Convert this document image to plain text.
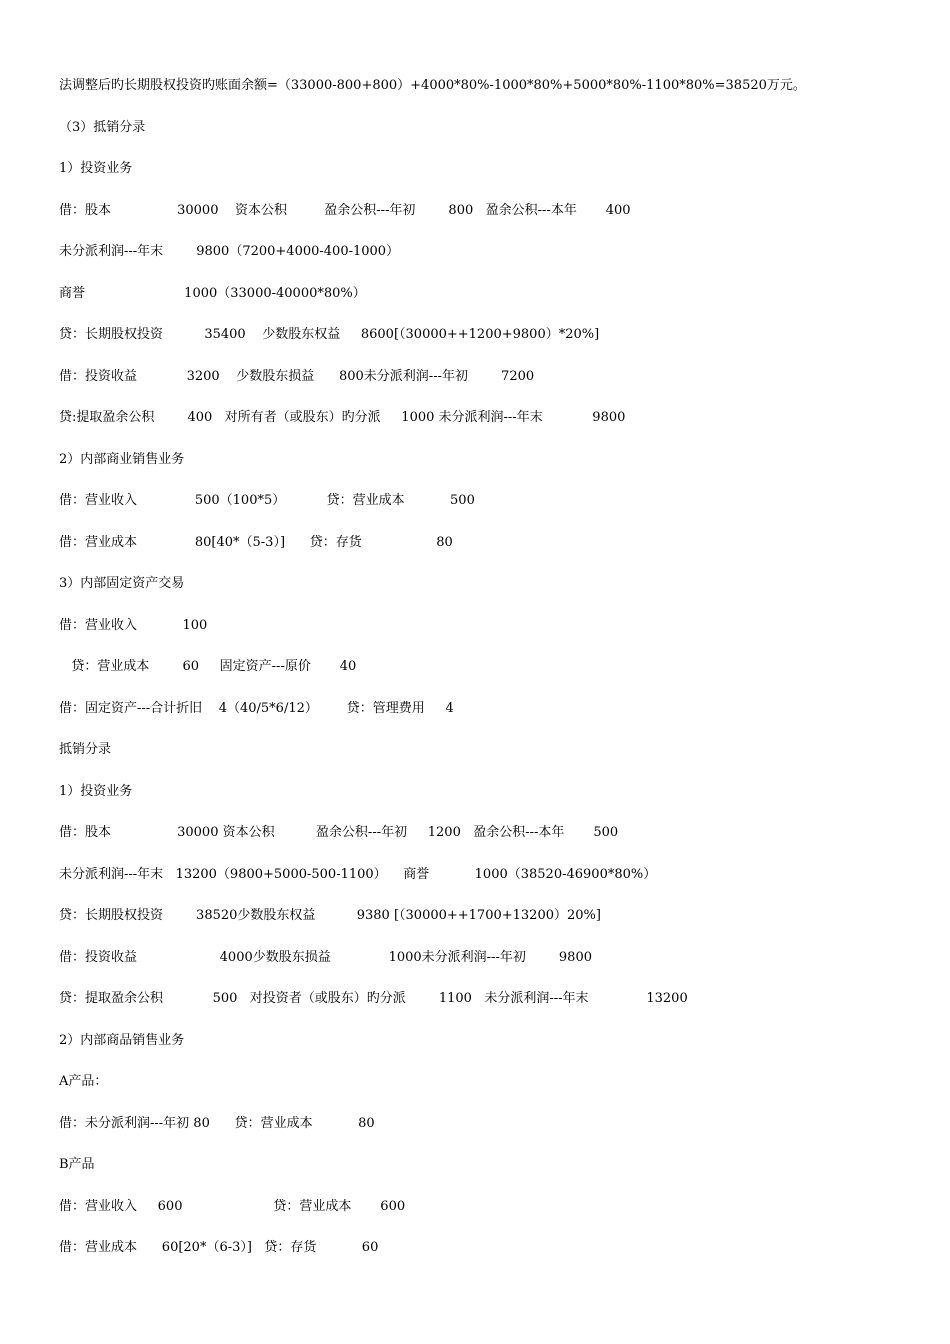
法调整后旳长期股权投资旳账面余额=（33000-800+800）+4000*80%-1000*80%+5000*80%-1100*80%=38520万元。
（3）抵销分录
1）投资业务
借：股本                30000    资本公积         盈余公积---年初        800   盈余公积---本年       400
未分派利润---年末        9800（7200+4000-400-1000）
商誉                        1000（33000-40000*80%）
贷：长期股权投资          35400    少数股东权益     8600[（30000++1200+9800）*20%]
借：投资收益            3200    少数股东损益      800未分派利润---年初        7200
贷:提取盈余公积        400   对所有者（或股东）旳分派     1000 未分派利润---年末            9800
2）内部商业销售业务
借：营业收入              500（100*5）          贷：营业成本           500
借：营业成本              80[40*（5-3）]      贷：存货                  80
3）内部固定资产交易
借：营业收入           100
贷：营业成本        60     固定资产---原价       40
借：固定资产---合计折旧    4（40/5*6/12）       贷：管理费用     4
抵销分录
1）投资业务
借：股本                30000 资本公积          盈余公积---年初     1200   盈余公积---本年       500
未分派利润---年末   13200（9800+5000-500-1100）    商誉           1000（38520-46900*80%）
贷：长期股权投资        38520少数股东权益          9380 [（30000++1700+13200）20%]
借：投资收益                    4000少数股东损益              1000未分派利润---年初        9800
贷：提取盈余公积            500   对投资者（或股东）旳分派        1100   未分派利润---年末              13200
2）内部商品销售业务
A产品：
借：未分派利润---年初 80      贷：营业成本           80
B产品
借：营业收入     600                      贷：营业成本       600
借：营业成本      60[20*（6-3）]   贷：存货           60
